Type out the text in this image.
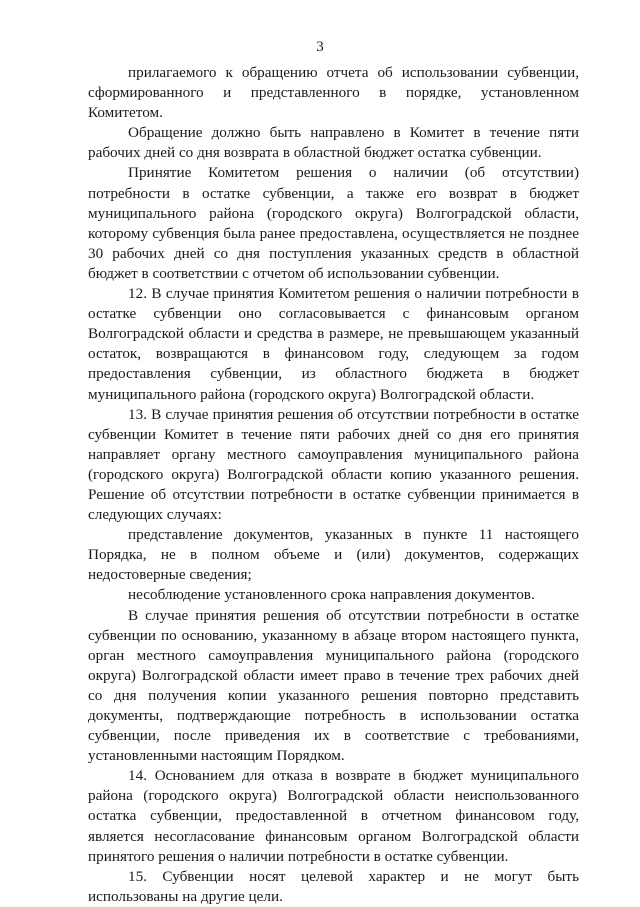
3

прилагаемого к обращению отчета об использовании субвенции, сформированного и представленного в порядке, установленном Комитетом.

Обращение должно быть направлено в Комитет в течение пяти рабочих дней со дня возврата в областной бюджет остатка субвенции.

Принятие Комитетом решения о наличии (об отсутствии) потребности в остатке субвенции, а также его возврат в бюджет муниципального района (городского округа) Волгоградской области, которому субвенция была ранее предоставлена, осуществляется не позднее 30 рабочих дней со дня поступления указанных средств в областной бюджет в соответствии с отчетом об использовании субвенции.

12. В случае принятия Комитетом решения о наличии потребности в остатке субвенции оно согласовывается с финансовым органом Волгоградской области и средства в размере, не превышающем указанный остаток, возвращаются в финансовом году, следующем за годом предоставления субвенции, из областного бюджета в бюджет муниципального района (городского округа) Волгоградской области.

13. В случае принятия решения об отсутствии потребности в остатке субвенции Комитет в течение пяти рабочих дней со дня его принятия направляет органу местного самоуправления муниципального района (городского округа) Волгоградской области копию указанного решения. Решение об отсутствии потребности в остатке субвенции принимается в следующих случаях:

представление документов, указанных в пункте 11 настоящего Порядка, не в полном объеме и (или) документов, содержащих недостоверные сведения;

несоблюдение установленного срока направления документов.

В случае принятия решения об отсутствии потребности в остатке субвенции по основанию, указанному в абзаце втором настоящего пункта, орган местного самоуправления муниципального района (городского округа) Волгоградской области имеет право в течение трех рабочих дней со дня получения копии указанного решения повторно представить документы, подтверждающие потребность в использовании остатка субвенции, после приведения их в соответствие с требованиями, установленными настоящим Порядком.

14. Основанием для отказа в возврате в бюджет муниципального района (городского округа) Волгоградской области неиспользованного остатка субвенции, предоставленной в отчетном финансовом году, является несогласование финансовым органом Волгоградской области принятого решения о наличии потребности в остатке субвенции.

15. Субвенции носят целевой характер и не могут быть использованы на другие цели.
